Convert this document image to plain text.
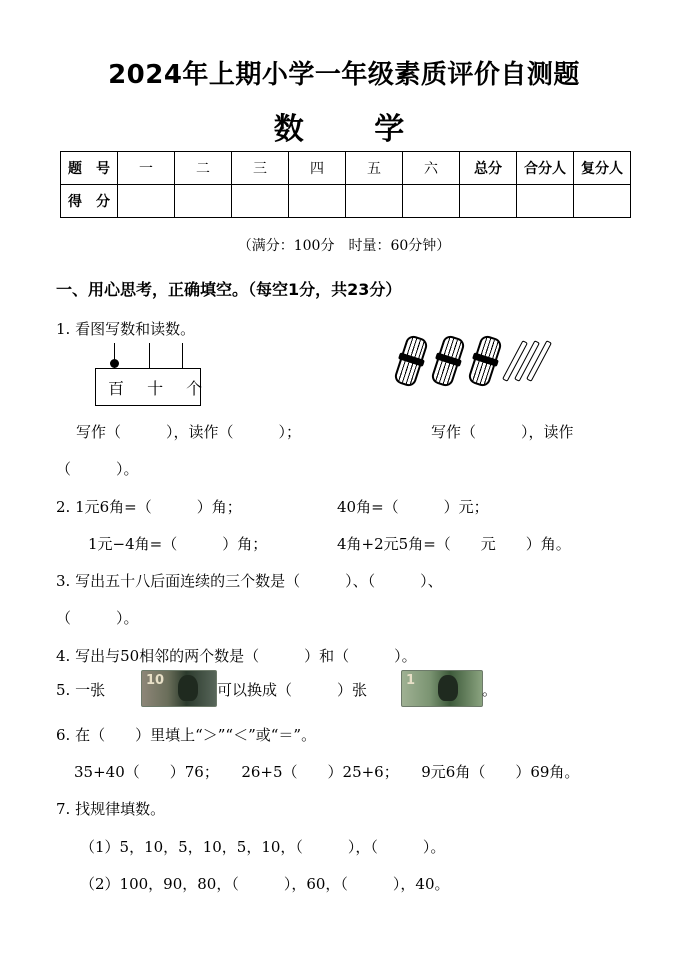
2024年上期小学一年级素质评价自测题
数 学
题　号	一	二	三	四	五	六	总分	合分人	复分人
得　分									
（满分：100分　时量：60分钟）
一、用心思考，正确填空。（每空1分，共23分）
1. 看图写数和读数。
百 十 个
写作（　　　），读作（　　　）；	写作（　　　），读作
（　　　）。
2. 1元6角=（　　　）角；	40角=（　　　）元；
1元−4角=（　　　）角；	4角+2元5角=（　　元　　）角。
3. 写出五十八后面连续的三个数是（　　　）、（　　　）、
（　　　）。
4. 写出与50相邻的两个数是（　　　）和（　　　）。
5. 一张
10
可以换成（　　　）张
1
。
6. 在（　　）里填上“＞”“＜”或“＝”。
35+40（　　）76；　　26+5（　　）25+6；　　9元6角（　　）69角。
7. 找规律填数。
（1）5，10，5，10，5，10，（　　　），（　　　）。
（2）100，90，80，（　　　），60，（　　　），40。
